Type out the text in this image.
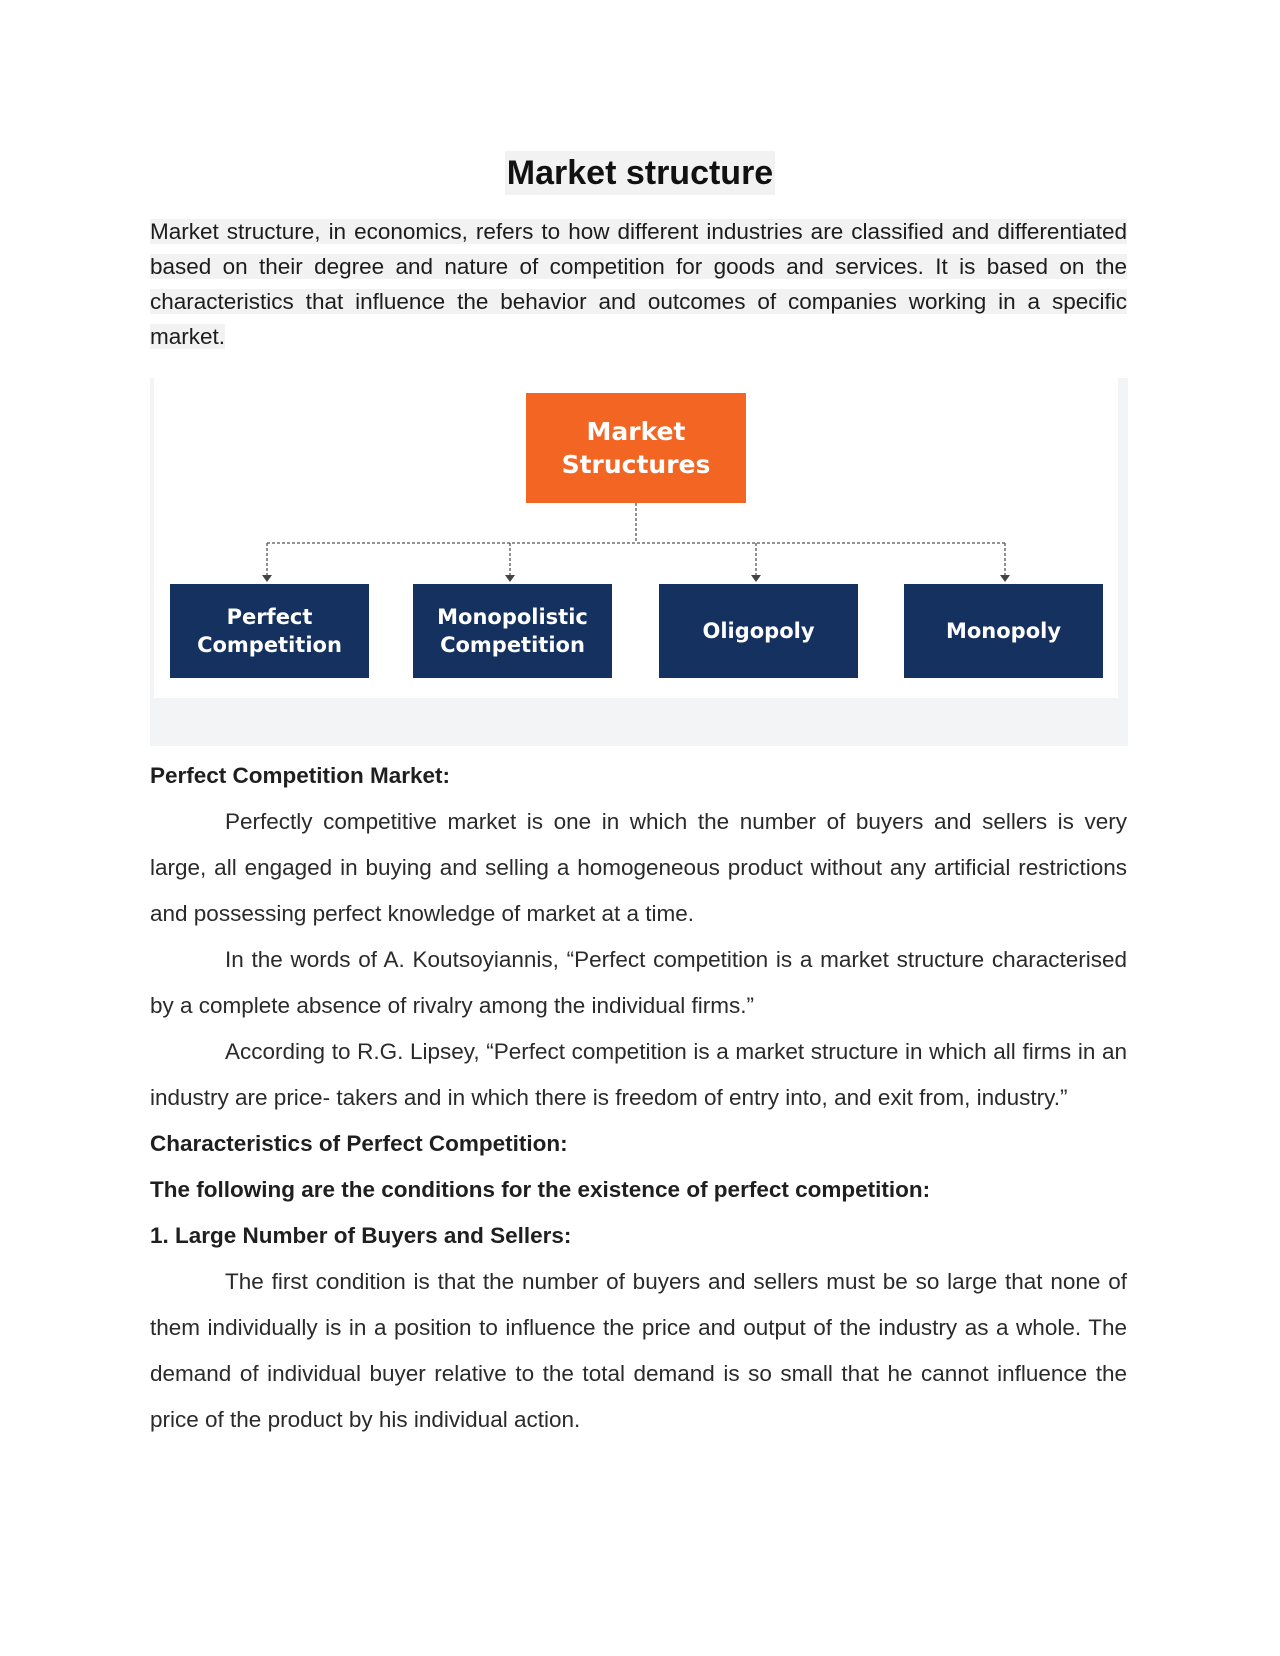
Market structure
Market structure, in economics, refers to how different industries are classified and differentiated based on their degree and nature of competition for goods and services. It is based on the characteristics that influence the behavior and outcomes of companies working in a specific market.
Market Structures
Perfect Competition
Monopolistic Competition
Oligopoly	Monopoly

Perfect Competition Market:

Perfectly competitive market is one in which the number of buyers and sellers is very large, all engaged in buying and selling a homogeneous product without any artificial restrictions and possessing perfect knowledge of market at a time.

In the words of A. Koutsoyiannis, “Perfect competition is a market structure characterised by a complete absence of rivalry among the individual firms.”

According to R.G. Lipsey, “Perfect competition is a market structure in which all firms in an industry are price- takers and in which there is freedom of entry into, and exit from, industry.”

Characteristics of Perfect Competition:

The following are the conditions for the existence of perfect competition:

1. Large Number of Buyers and Sellers:

The first condition is that the number of buyers and sellers must be so large that none of them individually is in a position to influence the price and output of the industry as a whole. The demand of individual buyer relative to the total demand is so small that he cannot influence the price of the product by his individual action.
